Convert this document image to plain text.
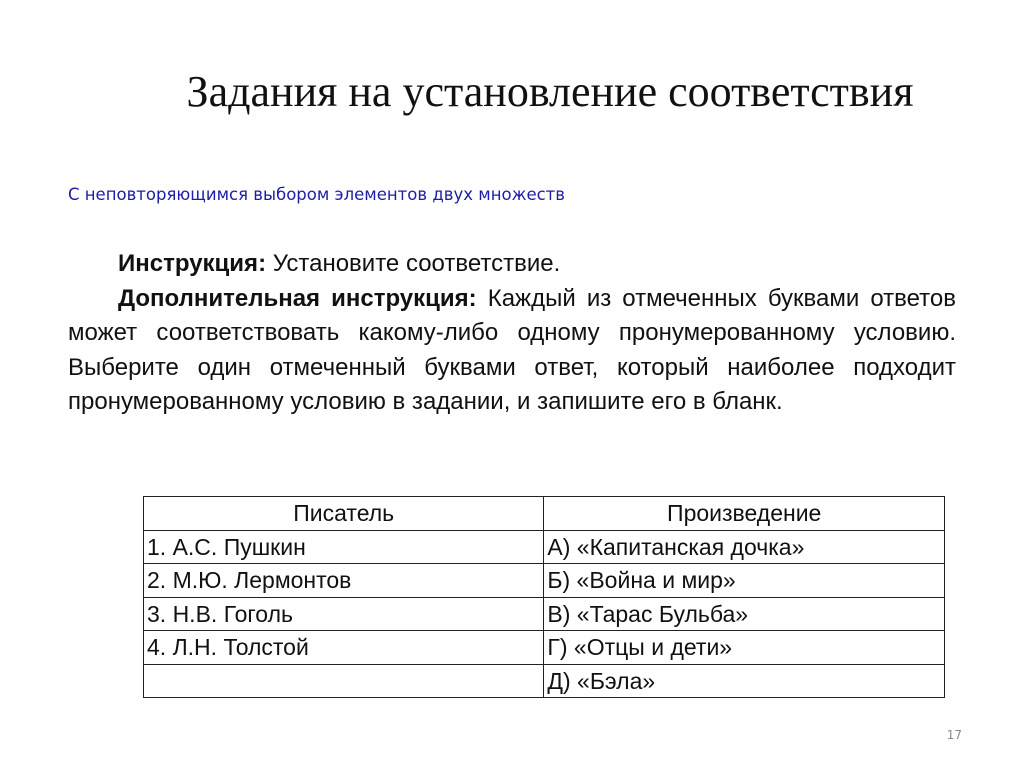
Задания на установление соответствия
С неповторяющимся выбором элементов двух множеств

Инструкция: Установите соответствие.

Дополнительная инструкция: Каждый из отмеченных буквами ответов может соответствовать какому-либо одному пронумерованному условию. Выберите один отмеченный буквами ответ, который наиболее подходит пронумерованному условию в задании, и запишите его в бланк.

Писатель	Произведение
1. А.С. Пушкин	А) «Капитанская дочка»
2. М.Ю. Лермонтов	Б) «Война и мир»
3. Н.В. Гоголь	В) «Тарас Бульба»
4. Л.Н. Толстой	Г) «Отцы и дети»
	Д) «Бэла»
17
